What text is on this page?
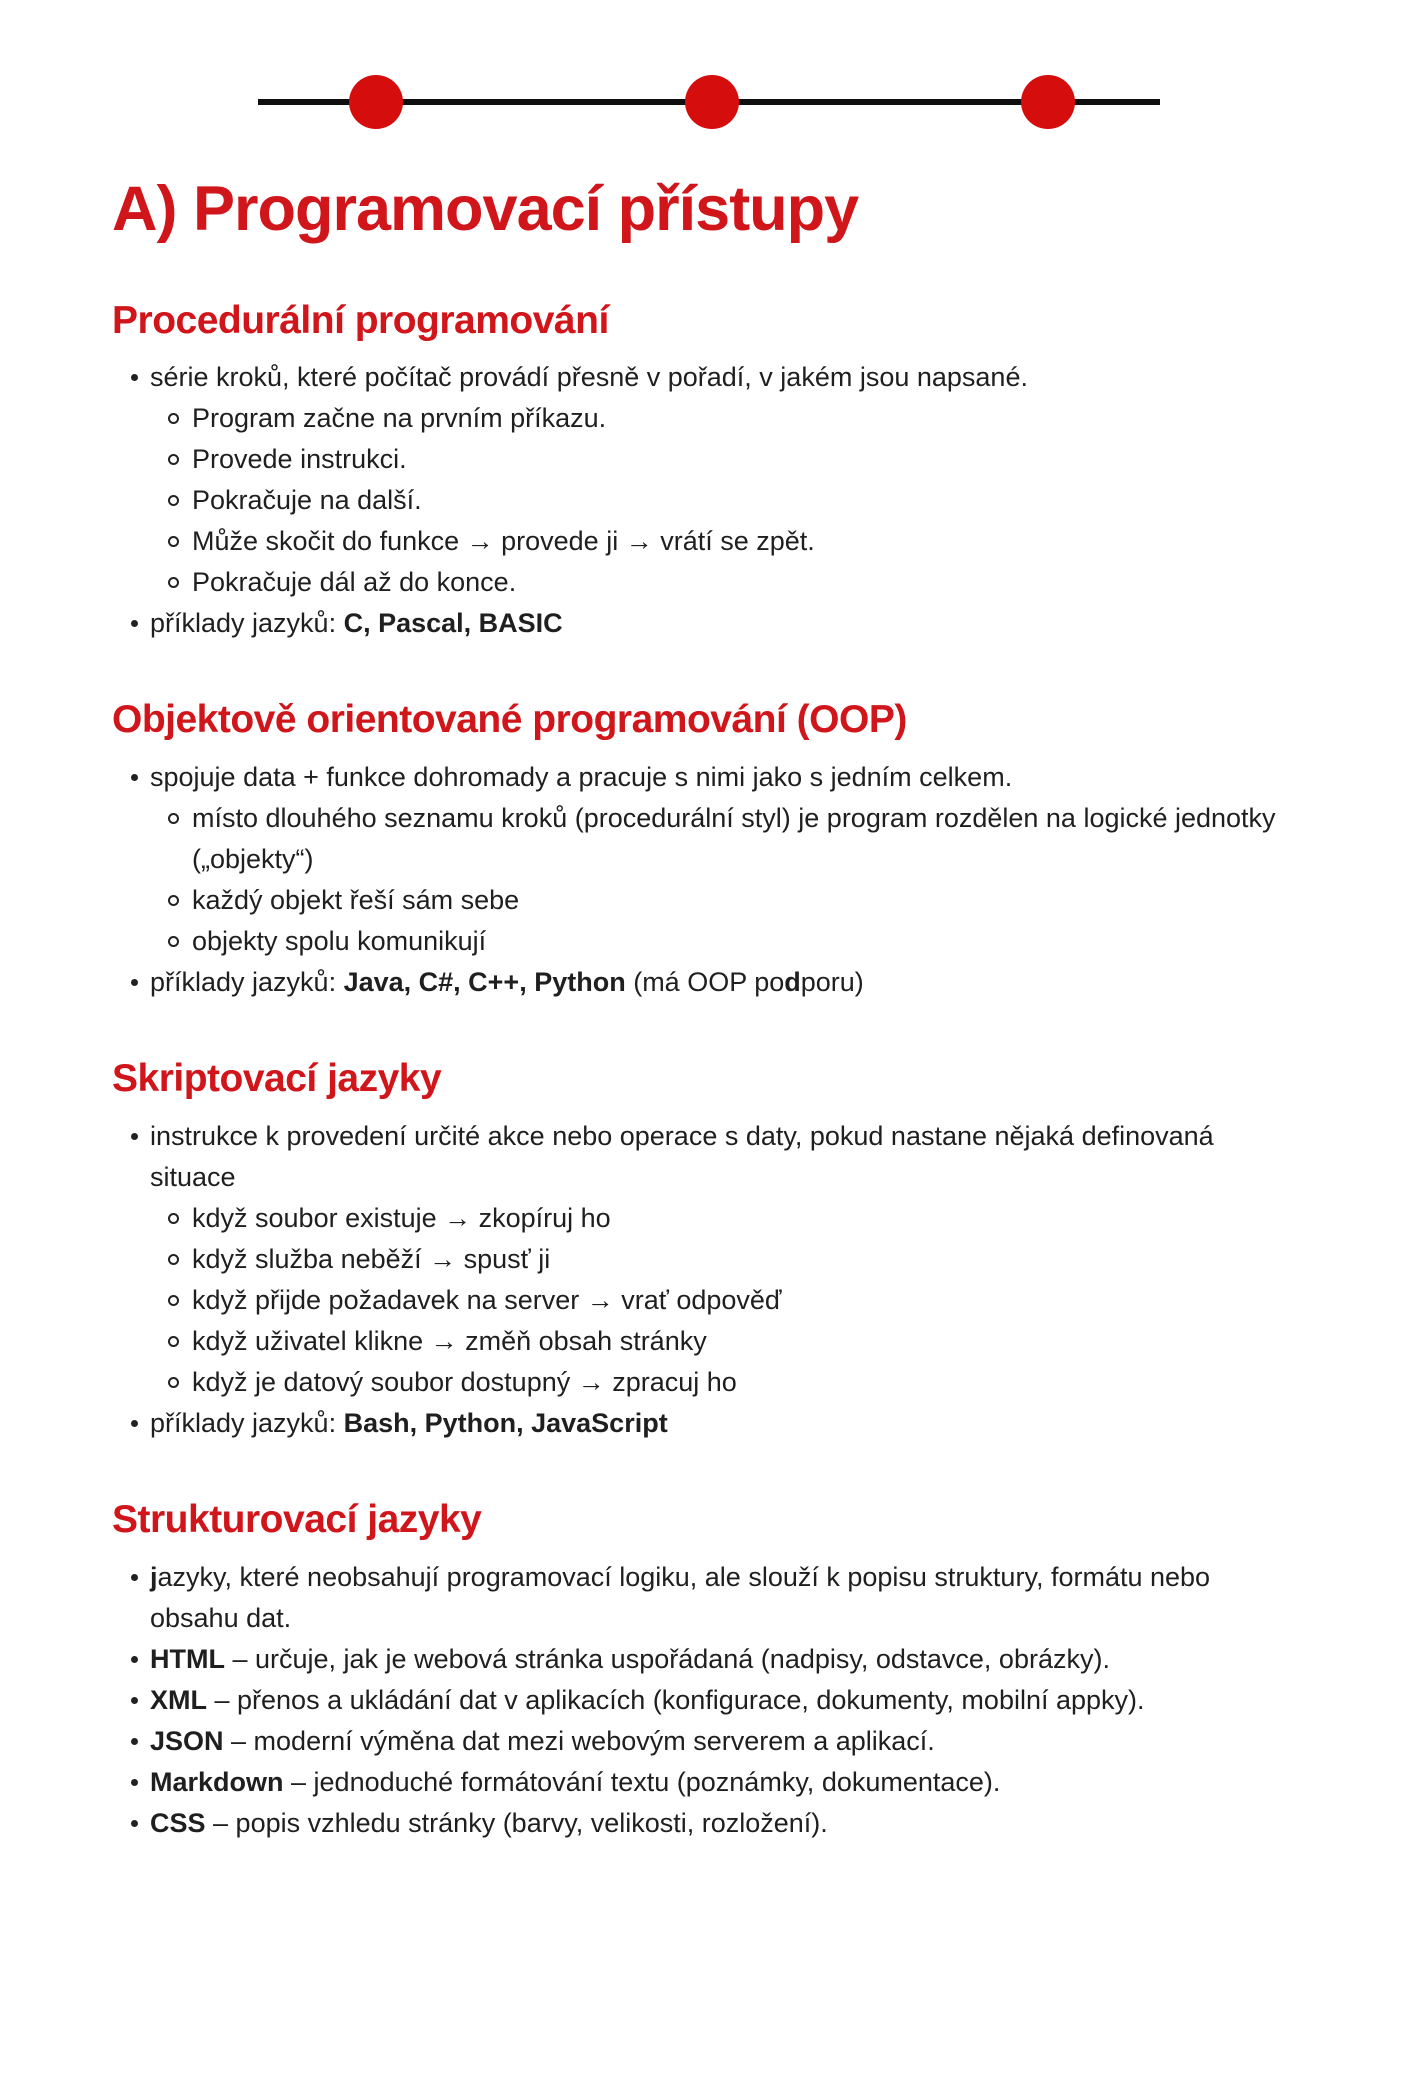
A) Programovací přístupy
Procedurální programování
série kroků, které počítač provádí přesně v pořadí, v jakém jsou napsané.
Program začne na prvním příkazu.
Provede instrukci.
Pokračuje na další.
Může skočit do funkce → provede ji → vrátí se zpět.
Pokračuje dál až do konce.
příklady jazyků: C, Pascal, BASIC
Objektově orientované programování (OOP)
spojuje data + funkce dohromady a pracuje s nimi jako s jedním celkem.
místo dlouhého seznamu kroků (procedurální styl) je program rozdělen na logické jednotky („objekty“)
každý objekt řeší sám sebe
objekty spolu komunikují
příklady jazyků: Java, C#, C++, Python (má OOP podporu)
Skriptovací jazyky
instrukce k provedení určité akce nebo operace s daty, pokud nastane nějaká definovaná situace
když soubor existuje → zkopíruj ho
když služba neběží → spusť ji
když přijde požadavek na server → vrať odpověď
když uživatel klikne → změň obsah stránky
když je datový soubor dostupný → zpracuj ho
příklady jazyků: Bash, Python, JavaScript
Strukturovací jazyky
jazyky, které neobsahují programovací logiku, ale slouží k popisu struktury, formátu nebo obsahu dat.
HTML – určuje, jak je webová stránka uspořádaná (nadpisy, odstavce, obrázky).
XML – přenos a ukládání dat v aplikacích (konfigurace, dokumenty, mobilní appky).
JSON – moderní výměna dat mezi webovým serverem a aplikací.
Markdown – jednoduché formátování textu (poznámky, dokumentace).
CSS – popis vzhledu stránky (barvy, velikosti, rozložení).
